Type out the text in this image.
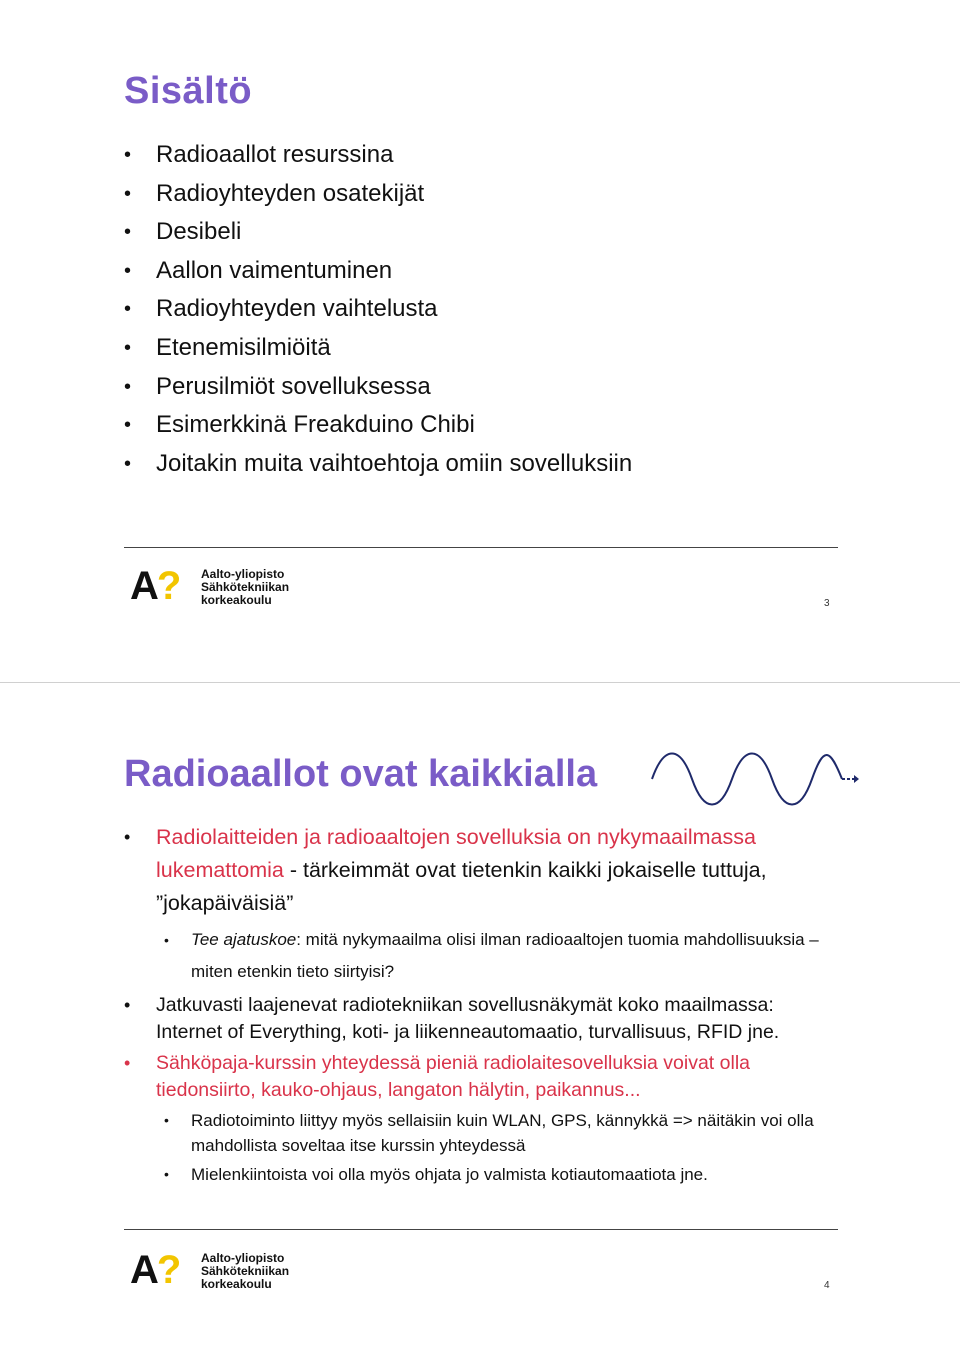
Sisältö
• Radioaallot resurssina
• Radioyhteyden osatekijät
• Desibeli
• Aallon vaimentuminen
• Radioyhteyden vaihtelusta
• Etenemisilmiöitä
• Perusilmiöt sovelluksessa
• Esimerkkinä Freakduino Chibi
• Joitakin muita vaihtoehtoja omiin sovelluksiin
A? Aalto-yliopisto
Sähkötekniikan
korkeakoulu	3
Radioaallot ovat kaikkialla
• Radiolaitteiden ja radioaaltojen sovelluksia on nykymaailmassa lukemattomia - tärkeimmät ovat tietenkin kaikki jokaiselle tuttuja, ”jokapäiväisiä”
• Tee ajatuskoe: mitä nykymaailma olisi ilman radioaaltojen tuomia mahdollisuuksia – miten etenkin tieto siirtyisi?
• Jatkuvasti laajenevat radiotekniikan sovellusnäkymät koko maailmassa: Internet of Everything, koti- ja liikenneautomaatio, turvallisuus, RFID jne.
• Sähköpaja-kurssin yhteydessä pieniä radiolaitesovelluksia voivat olla tiedonsiirto, kauko-ohjaus, langaton hälytin, paikannus...
• Radiotoiminto liittyy myös sellaisiin kuin WLAN, GPS, kännykkä => näitäkin voi olla mahdollista soveltaa itse kurssin yhteydessä
• Mielenkiintoista voi olla myös ohjata jo valmista kotiautomaatiota jne.
A? Aalto-yliopisto
Sähkötekniikan
korkeakoulu	4
